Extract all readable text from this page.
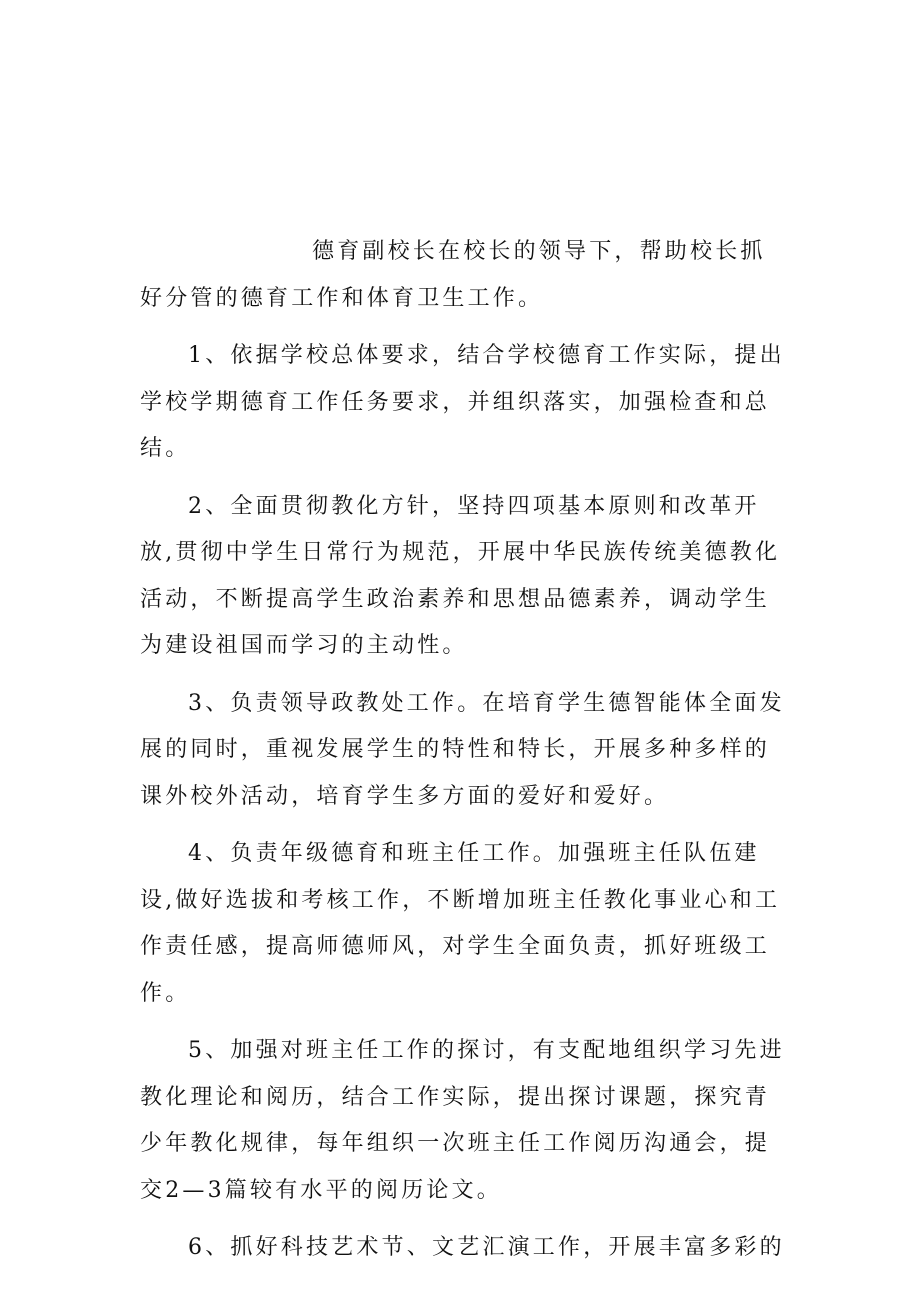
德育副校长在校长的领导下，帮助校长抓好分管的德育工作和体育卫生工作。

1、依据学校总体要求，结合学校德育工作实际，提出学校学期德育工作任务要求，并组织落实，加强检查和总结。

2、全面贯彻教化方针，坚持四项基本原则和改革开放,贯彻中学生日常行为规范，开展中华民族传统美德教化活动，不断提高学生政治素养和思想品德素养，调动学生为建设祖国而学习的主动性。

3、负责领导政教处工作。在培育学生德智能体全面发展的同时，重视发展学生的特性和特长，开展多种多样的课外校外活动，培育学生多方面的爱好和爱好。

4、负责年级德育和班主任工作。加强班主任队伍建设,做好选拔和考核工作，不断增加班主任教化事业心和工作责任感，提高师德师风，对学生全面负责，抓好班级工作。

5、加强对班主任工作的探讨，有支配地组织学习先进教化理论和阅历，结合工作实际，提出探讨课题，探究青少年教化规律，每年组织一次班主任工作阅历沟通会，提交2—3篇较有水平的阅历论文。

6、抓好科技艺术节、文艺汇演工作，开展丰富多彩的
